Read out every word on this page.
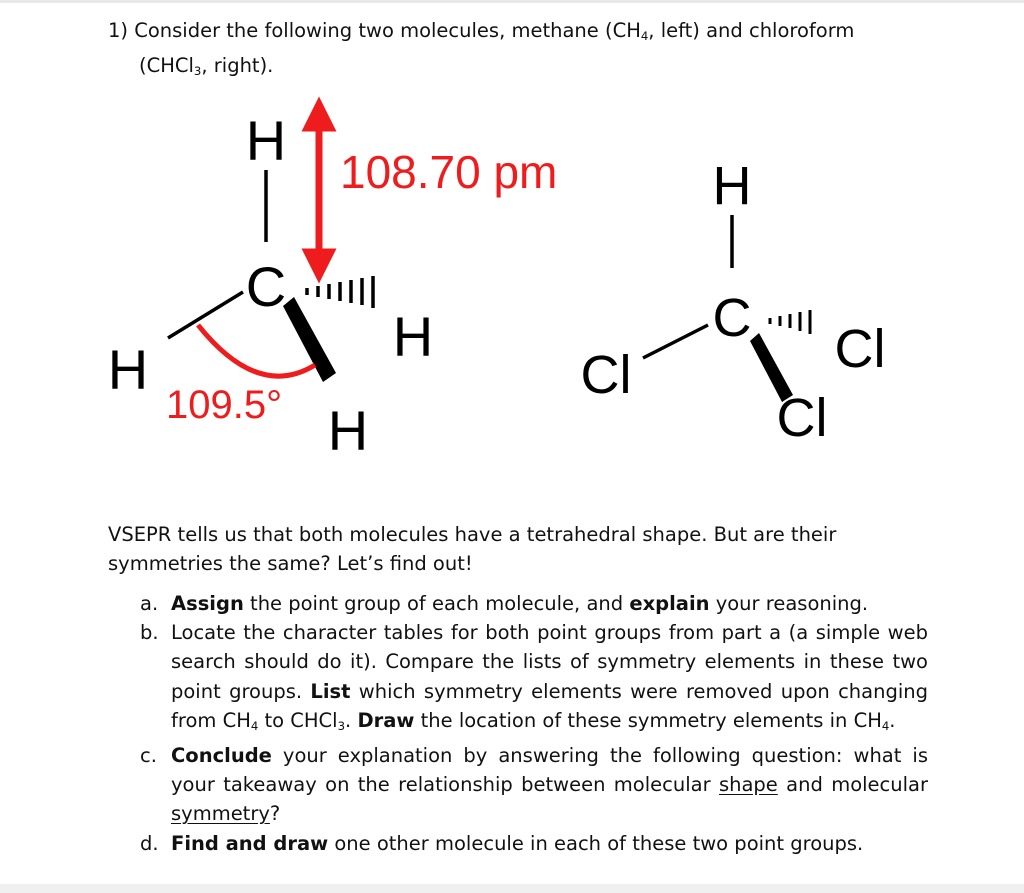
1) Consider the following two molecules, methane ($CH_4$, left) and chloroform
(CHCl$_3$, right).
H
C
H
H
H
108.70 pm
109.5°
H
C
Cl
Cl
Cl
VSEPR tells us that both molecules have a tetrahedral shape. But are their
symmetries the same? Let’s find out!
a. Assign the point group of each molecule, and explain your reasoning.
b. Locate the character tables for both point groups from part a (a simple web search should do it). Compare the lists of symmetry elements in these two point groups. List which symmetry elements were removed upon changing from $CH_4$ to CHCl$_3$. Draw the location of these symmetry elements in $CH_4$.
c. Conclude your explanation by answering the following question: what is your takeaway on the relationship between molecular shape and molecular symmetry?
d. Find and draw one other molecule in each of these two point groups.
